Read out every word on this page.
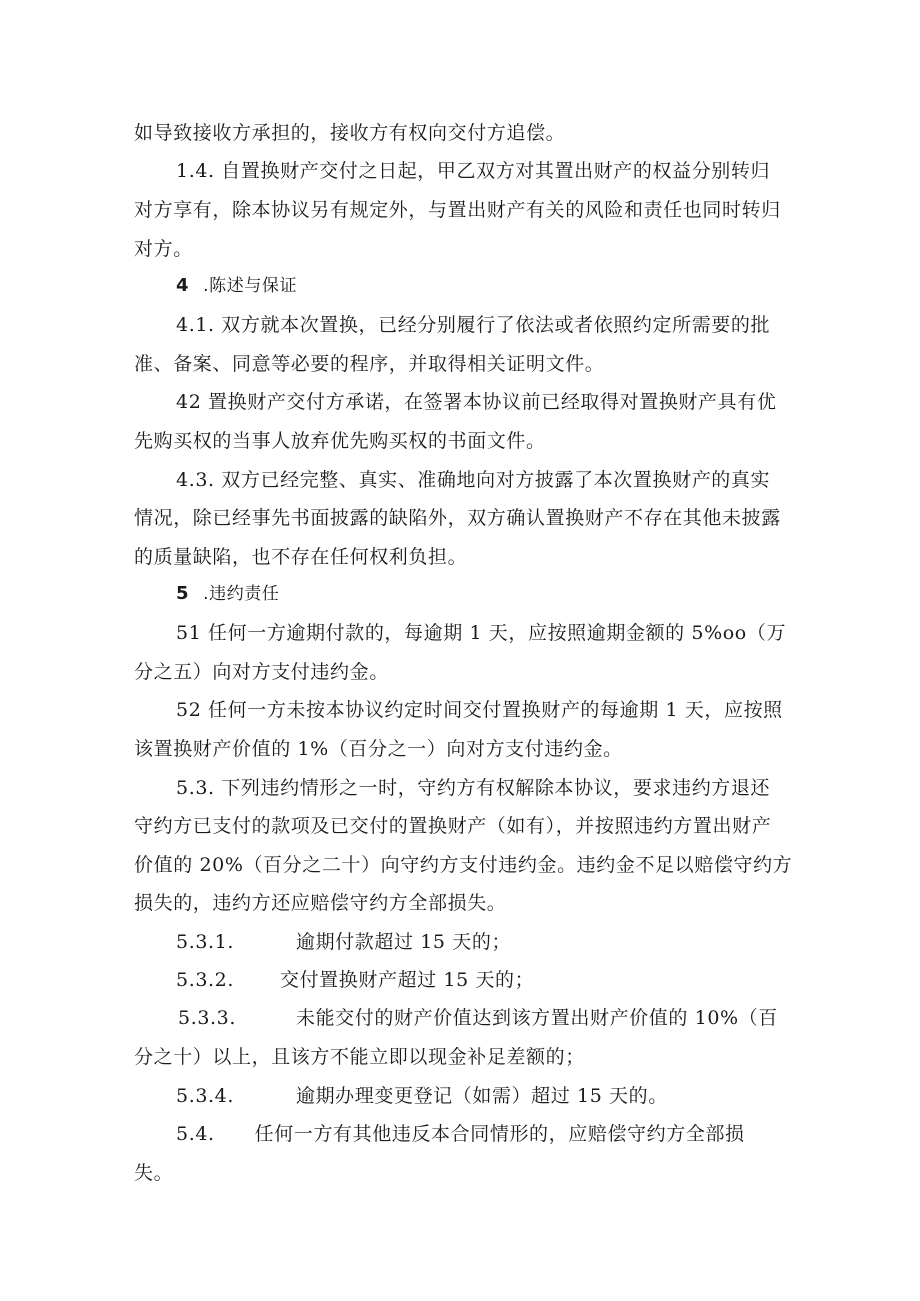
如导致接收方承担的，接收方有权向交付方追偿。
1.4. 自置换财产交付之日起，甲乙双方对其置出财产的权益分别转归
对方享有，除本协议另有规定外，与置出财产有关的风险和责任也同时转归
对方。
4 .陈述与保证
4.1. 双方就本次置换，已经分别履行了依法或者依照约定所需要的批
准、备案、同意等必要的程序，并取得相关证明文件。
42 置换财产交付方承诺，在签署本协议前已经取得对置换财产具有优
先购买权的当事人放弃优先购买权的书面文件。
4.3. 双方已经完整、真实、准确地向对方披露了本次置换财产的真实
情况，除已经事先书面披露的缺陷外，双方确认置换财产不存在其他未披露
的质量缺陷，也不存在任何权利负担。
5 .违约责任
51 任何一方逾期付款的，每逾期 1 天，应按照逾期金额的 5%oo（万
分之五）向对方支付违约金。
52 任何一方未按本协议约定时间交付置换财产的每逾期 1 天，应按照
该置换财产价值的 1%（百分之一）向对方支付违约金。
5.3. 下列违约情形之一时，守约方有权解除本协议，要求违约方退还
守约方已支付的款项及已交付的置换财产（如有），并按照违约方置出财产
价值的 20%（百分之二十）向守约方支付违约金。违约金不足以赔偿守约方
损失的，违约方还应赔偿守约方全部损失。
5.3.1.	逾期付款超过 15 天的；
5.3.2. 交付置换财产超过 15 天的；
5.3.3.	未能交付的财产价值达到该方置出财产价值的 10%（百
分之十）以上，且该方不能立即以现金补足差额的；
5.3.4.	逾期办理变更登记（如需）超过 15 天的。
5.4. 任何一方有其他违反本合同情形的，应赔偿守约方全部损
失。
